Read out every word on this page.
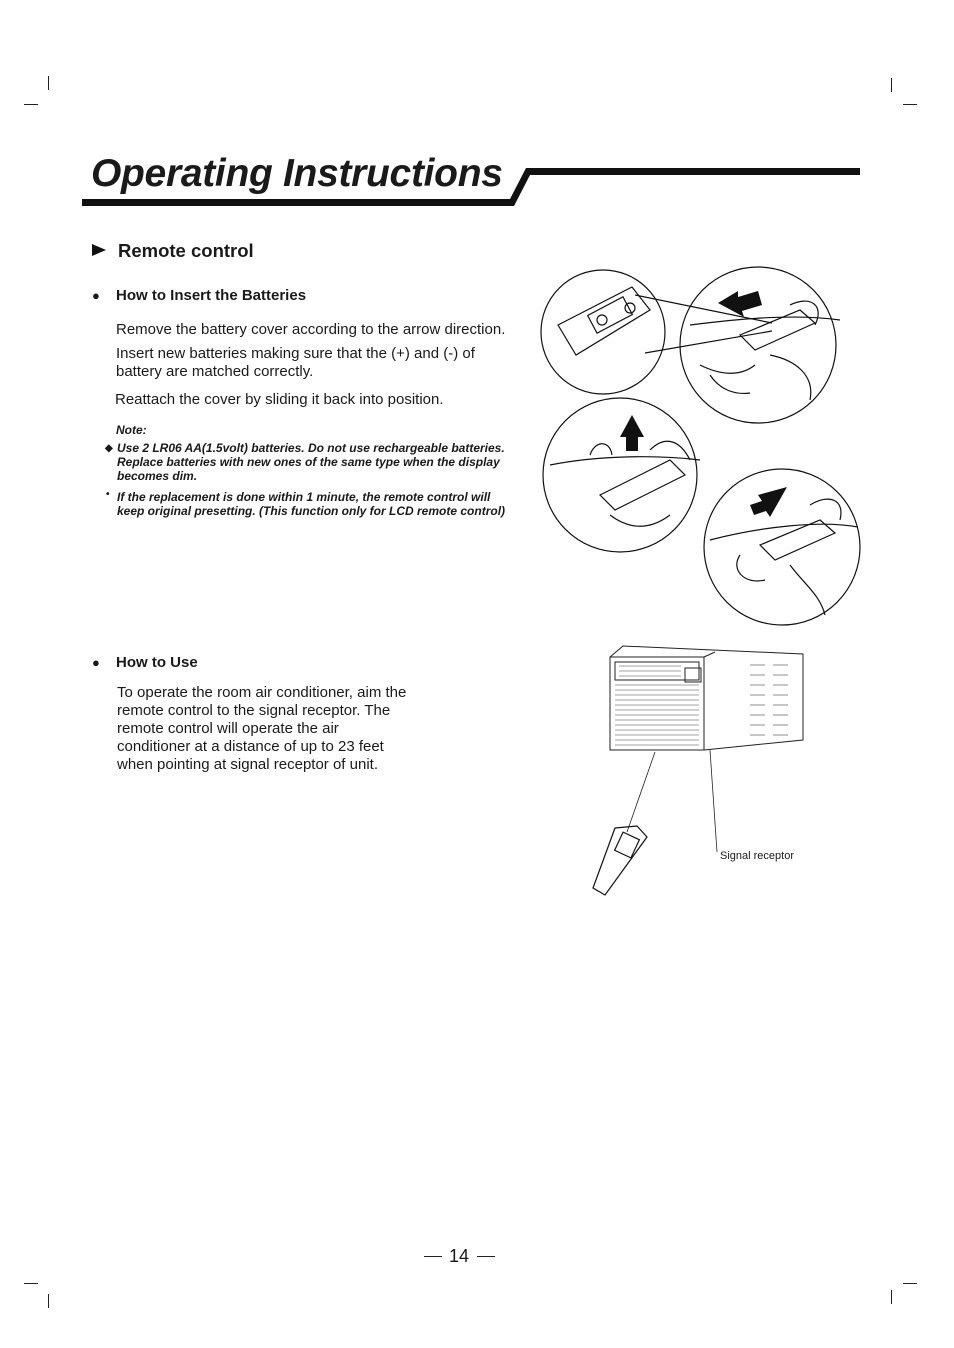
Operating Instructions
Remote control
● How to Insert the Batteries
Remove the battery cover according to the arrow direction.
Insert new batteries making sure that the (+) and (-) of battery are matched correctly.
Reattach the cover by sliding it back into position.
Note:
◆ Use 2 LR06 AA(1.5volt) batteries. Do not use rechargeable batteries. Replace batteries with new ones of the same type when the display becomes dim.
• If the replacement is done within 1 minute, the remote control will keep original presetting. (This function only for LCD remote control)
● How to Use
To operate the room air conditioner, aim the remote control to the signal receptor. The remote control will operate the air conditioner at a distance of up to 23 feet when pointing at signal receptor of unit.
Signal receptor
14
